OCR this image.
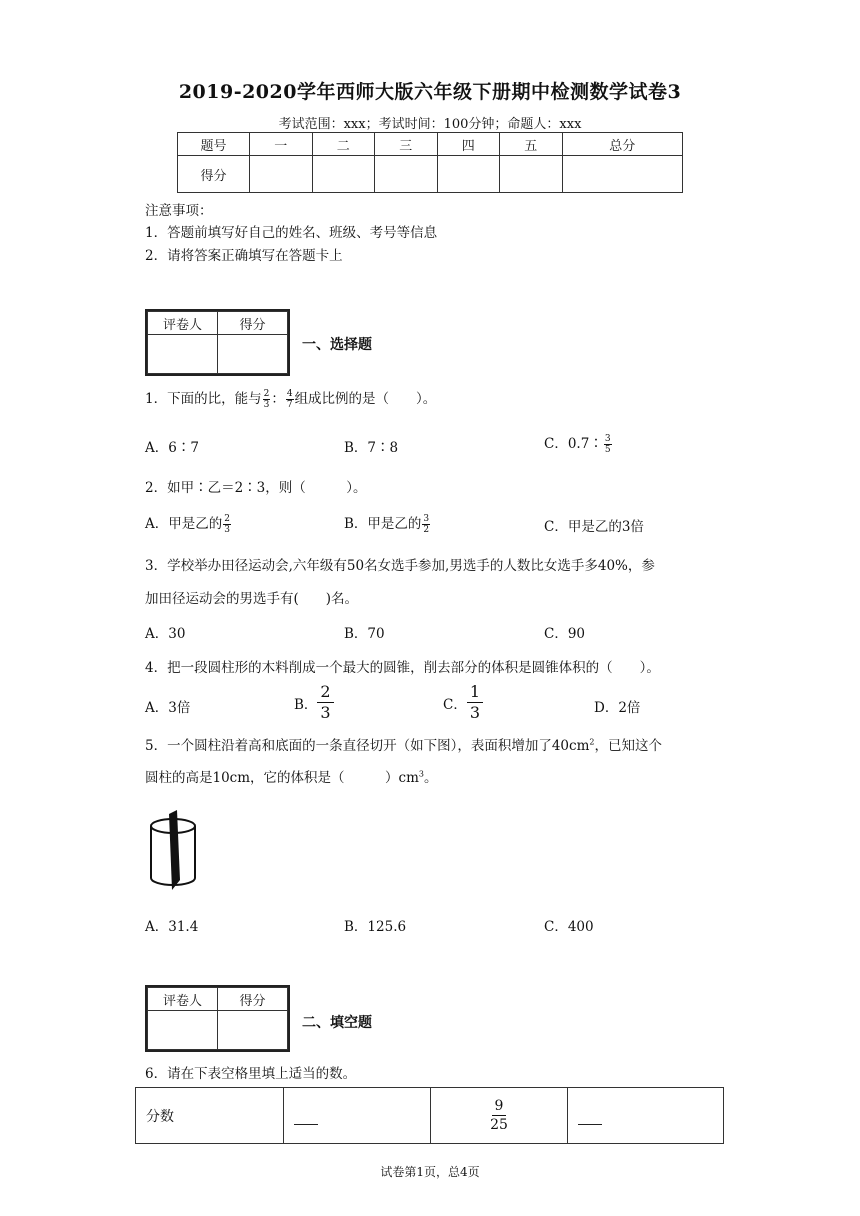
2019-2020学年西师大版六年级下册期中检测数学试卷3
考试范围：xxx；考试时间：100分钟；命题人：xxx
题号	一	二	三	四	五	总分
得分						
注意事项：
1．答题前填写好自己的姓名、班级、考号等信息
2．请将答案正确填写在答题卡上
评卷人	得分

一、选择题
1．下面的比，能与 $\frac{2}{3}$ ： $\frac{4}{7}$ 组成比例的是（　　）。
A．6∶7	B．7∶8	C．0.7∶ $\frac{3}{5}$
2．如甲∶乙＝2∶3，则（　　　）。
A．甲是乙的 $\frac{2}{3}$	B．甲是乙的 $\frac{3}{2}$	C．甲是乙的3倍
3．学校举办田径运动会,六年级有50名女选手参加,男选手的人数比女选手多40%，参
加田径运动会的男选手有(　　)名。
A．30	B．70	C．90
4．把一段圆柱形的木料削成一个最大的圆锥，削去部分的体积是圆锥体积的（　　）。
A．3倍	B． $\frac{2}{3}$	C． $\frac{1}{3}$	D．2倍
5．一个圆柱沿着高和底面的一条直径切开（如下图），表面积增加了$40cm^2$，已知这个
圆柱的高是10cm，它的体积是（　　　）$cm^3$。
A．31.4	B．125.6	C．400
评卷人	得分

二、填空题
6．请在下表空格里填上适当的数。
分数		$\frac{9}{25}$

试卷第1页，总4页
